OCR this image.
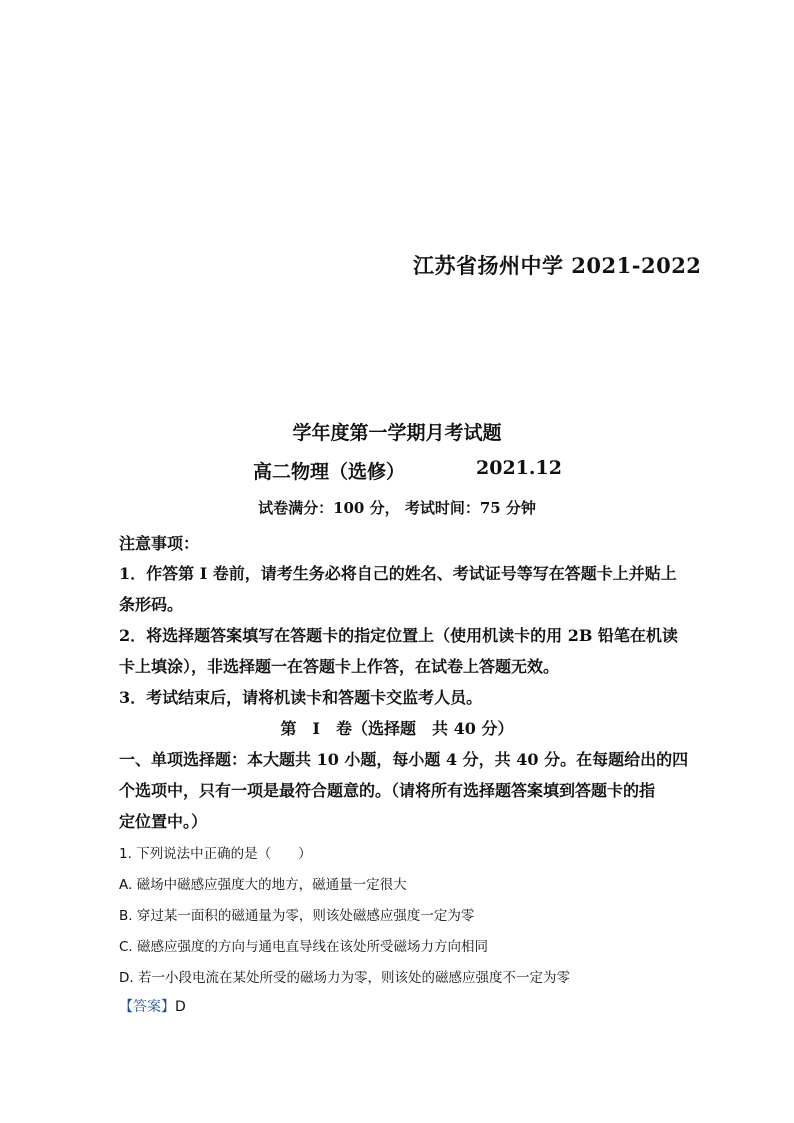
江苏省扬州中学 2021-2022
学年度第一学期月考试题
高二物理（选修）	2021.12
试卷满分：100 分， 考试时间：75 分钟
注意事项：
1．作答第 I 卷前，请考生务必将自己的姓名、考试证号等写在答题卡上并贴上
条形码。
2．将选择题答案填写在答题卡的指定位置上（使用机读卡的用 2B 铅笔在机读
卡上填涂），非选择题一在答题卡上作答，在试卷上答题无效。
3．考试结束后，请将机读卡和答题卡交监考人员。
第　I　卷（选择题　共 40 分）
一、单项选择题：本大题共 10 小题，每小题 4 分，共 40 分。在每题给出的四
个选项中，只有一项是最符合题意的。（请将所有选择题答案填到答题卡的指
定位置中。）
1. 下列说法中正确的是（　　）
A. 磁场中磁感应强度大的地方，磁通量一定很大
B. 穿过某一面积的磁通量为零，则该处磁感应强度一定为零
C. 磁感应强度的方向与通电直导线在该处所受磁场力方向相同
D. 若一小段电流在某处所受的磁场力为零，则该处的磁感应强度不一定为零
【答案】D
